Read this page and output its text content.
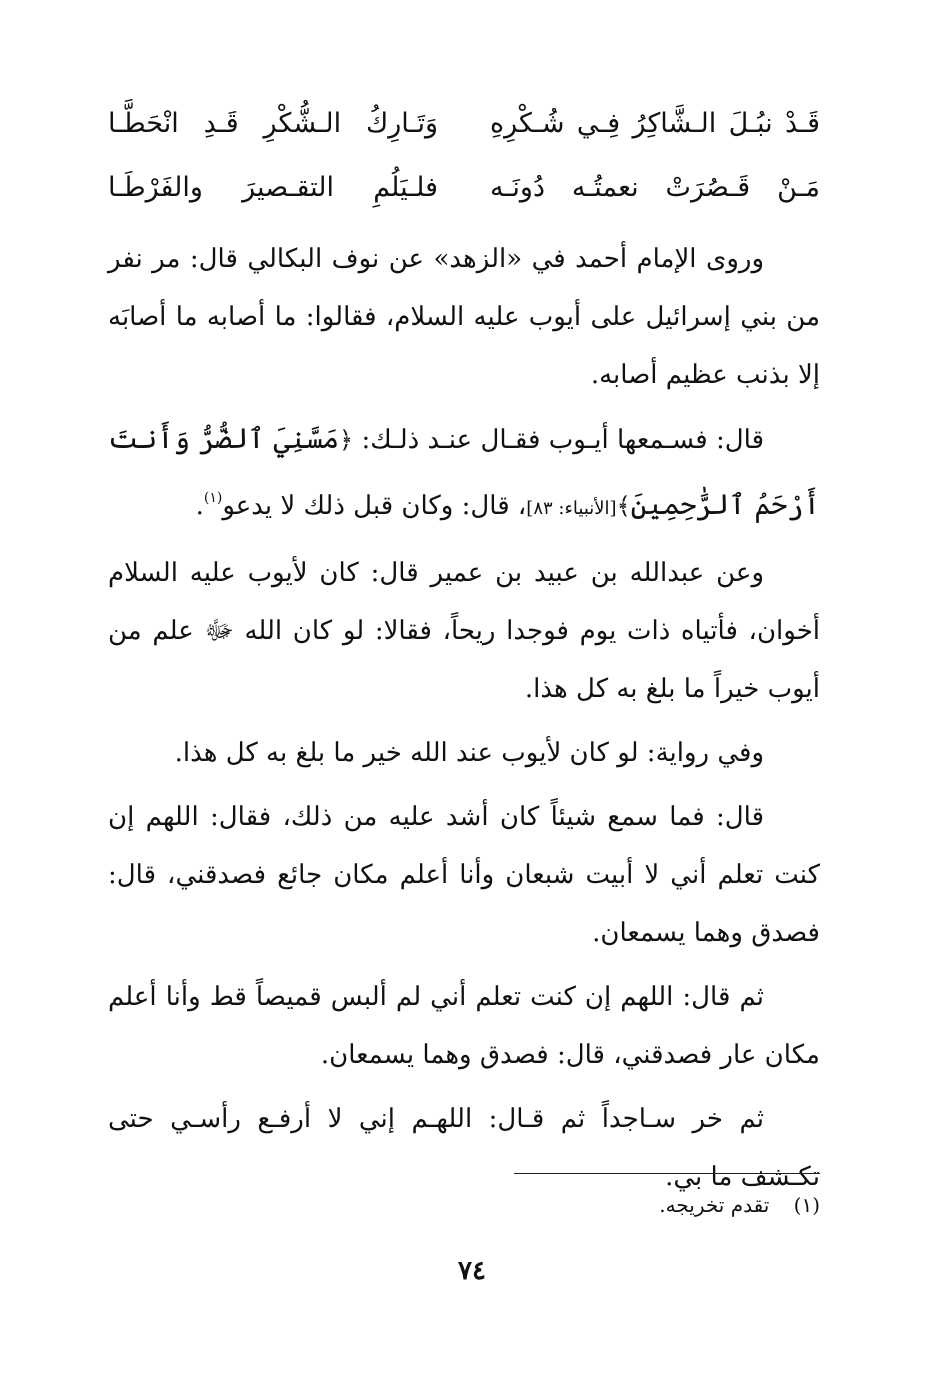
قَـدْ نبُـلَ الـشَّاكِرُ فِـي شُـكْرِهِ
وَتَـارِكُ الـشُّكْرِ قَـدِ انْحَطَّـا
مَـنْ قَـصُرَتْ نعمتُـه دُونَـه
فلـيَلُمِ التقـصيرَ والفَرْطَـا

وروى الإمام أحمد في «الزهد» عن نوف البكالي قال: مر نفر من بني إسرائيل على أيوب عليه السلام، فقالوا: ما أصابه ما أصابَه إلا بذنب عظيم أصابه.

قال: فسـمعها أيـوب فقـال عنـد ذلـك: ﴿مَسَّنِيَ ٱلضُّرُّ وَأَنتَ أَرْحَمُ ٱلرَّٰحِمِينَ﴾[الأنبياء: ٨٣]، قال: وكان قبل ذلك لا يدعو$^{(١)}$.

وعن عبدالله بن عبيد بن عمير قال: كان لأيوب عليه السلام أخوان، فأتياه ذات يوم فوجدا ريحاً، فقالا: لو كان الله ﷻ علم من أيوب خيراً ما بلغ به كل هذا.

وفي رواية: لو كان لأيوب عند الله خير ما بلغ به كل هذا.

قال: فما سمع شيئاً كان أشد عليه من ذلك، فقال: اللهم إن كنت تعلم أني لا أبيت شبعان وأنا أعلم مكان جائع فصدقني، قال: فصدق وهما يسمعان.

ثم قال: اللهم إن كنت تعلم أني لم ألبس قميصاً قط وأنا أعلم مكان عار فصدقني، قال: فصدق وهما يسمعان.

ثم خر سـاجداً ثم قـال: اللهـم إني لا أرفـع رأسـي حتى تكـشف ما بي.

(١) تقدم تخريجه.
٧٤
